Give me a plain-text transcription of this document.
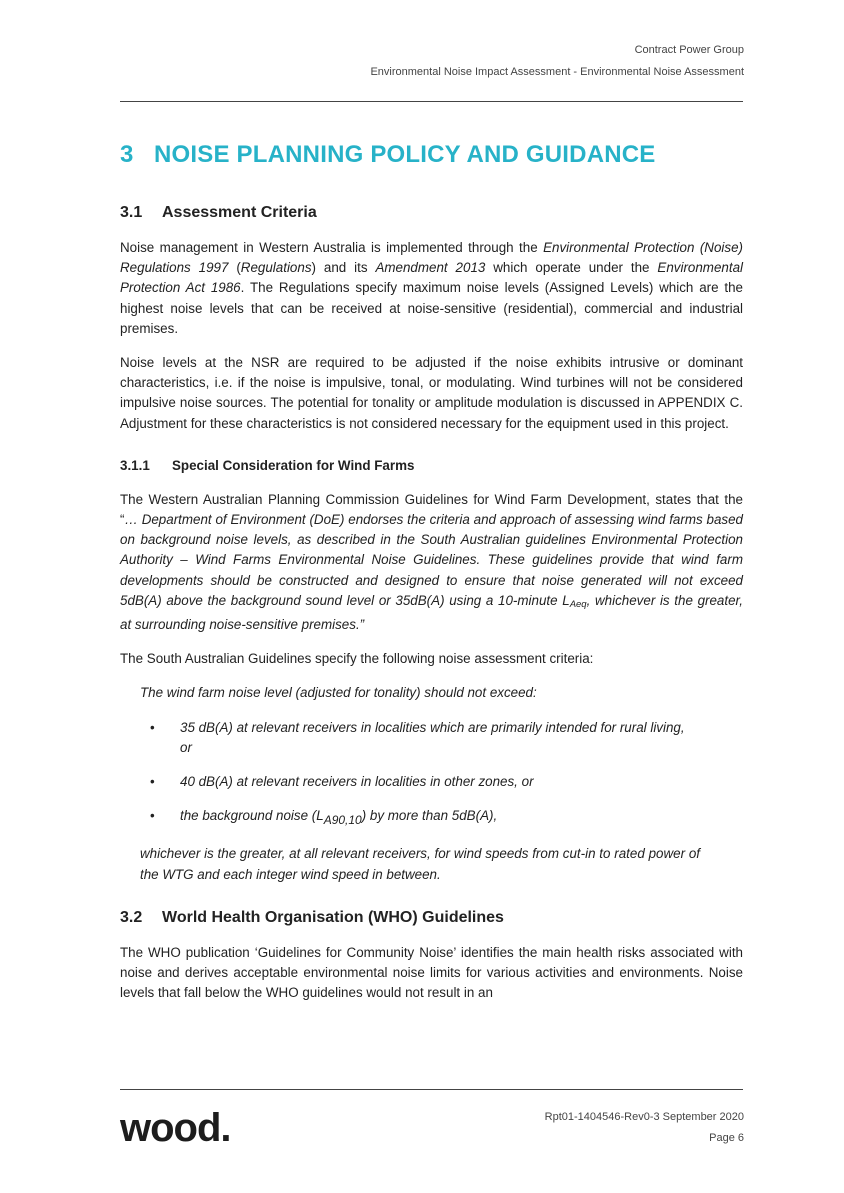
Contract Power Group
Environmental Noise Impact Assessment - Environmental Noise Assessment
3 NOISE PLANNING POLICY AND GUIDANCE
3.1 Assessment Criteria

Noise management in Western Australia is implemented through the Environmental Protection (Noise) Regulations 1997 (Regulations) and its Amendment 2013 which operate under the Environmental Protection Act 1986. The Regulations specify maximum noise levels (Assigned Levels) which are the highest noise levels that can be received at noise-sensitive (residential), commercial and industrial premises.

Noise levels at the NSR are required to be adjusted if the noise exhibits intrusive or dominant characteristics, i.e. if the noise is impulsive, tonal, or modulating. Wind turbines will not be considered impulsive noise sources. The potential for tonality or amplitude modulation is discussed in APPENDIX C. Adjustment for these characteristics is not considered necessary for the equipment used in this project.

3.1.1 Special Consideration for Wind Farms

The Western Australian Planning Commission Guidelines for Wind Farm Development, states that the “… Department of Environment (DoE) endorses the criteria and approach of assessing wind farms based on background noise levels, as described in the South Australian guidelines Environmental Protection Authority – Wind Farms Environmental Noise Guidelines. These guidelines provide that wind farm developments should be constructed and designed to ensure that noise generated will not exceed 5dB(A) above the background sound level or 35dB(A) using a 10-minute $L_{Aeq}$, whichever is the greater, at surrounding noise-sensitive premises.”

The South Australian Guidelines specify the following noise assessment criteria:

The wind farm noise level (adjusted for tonality) should not exceed:

• 35 dB(A) at relevant receivers in localities which are primarily intended for rural living, or
• 40 dB(A) at relevant receivers in localities in other zones, or
• the background noise (LA90,10) by more than 5dB(A),

whichever is the greater, at all relevant receivers, for wind speeds from cut-in to rated power of the WTG and each integer wind speed in between.

3.2 World Health Organisation (WHO) Guidelines

The WHO publication ‘Guidelines for Community Noise’ identifies the main health risks associated with noise and derives acceptable environmental noise limits for various activities and environments. Noise levels that fall below the WHO guidelines would not result in an

wood.	Rpt01-1404546-Rev0-3 September 2020
Page 6
